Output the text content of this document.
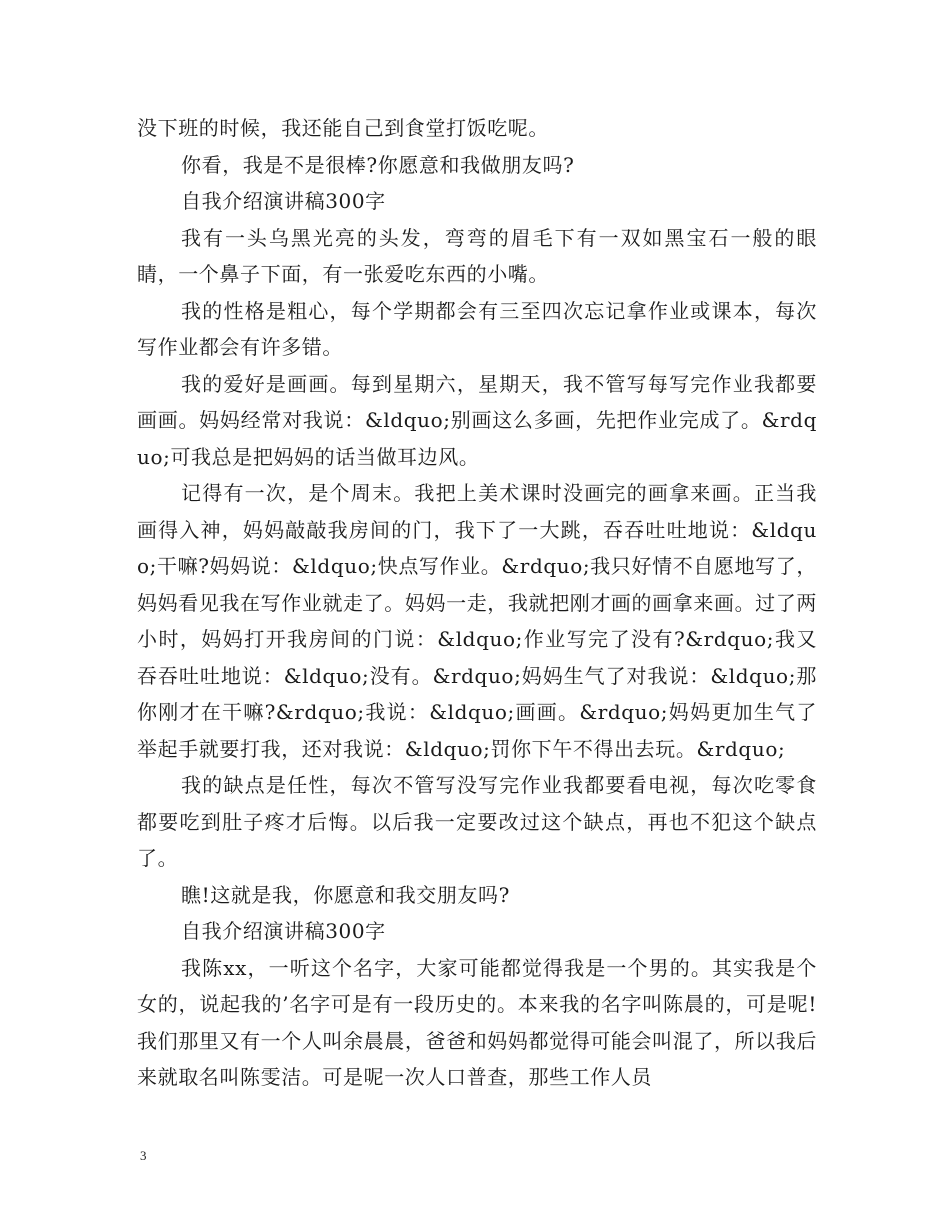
没下班的时候，我还能自己到食堂打饭吃呢。

你看，我是不是很棒?你愿意和我做朋友吗?

自我介绍演讲稿300字

我有一头乌黑光亮的头发，弯弯的眉毛下有一双如黑宝石一般的眼睛，一个鼻子下面，有一张爱吃东西的小嘴。

我的性格是粗心，每个学期都会有三至四次忘记拿作业或课本，每次写作业都会有许多错。

我的爱好是画画。每到星期六，星期天，我不管写每写完作业我都要画画。妈妈经常对我说：&ldquo;别画这么多画，先把作业完成了。&rdquo;可我总是把妈妈的话当做耳边风。

记得有一次，是个周末。我把上美术课时没画完的画拿来画。正当我画得入神，妈妈敲敲我房间的门，我下了一大跳，吞吞吐吐地说：&ldquo;干嘛?妈妈说：&ldquo;快点写作业。&rdquo;我只好情不自愿地写了，妈妈看见我在写作业就走了。妈妈一走，我就把刚才画的画拿来画。过了两小时，妈妈打开我房间的门说：&ldquo;作业写完了没有?&rdquo;我又吞吞吐吐地说：&ldquo;没有。&rdquo;妈妈生气了对我说：&ldquo;那你刚才在干嘛?&rdquo;我说：&ldquo;画画。&rdquo;妈妈更加生气了举起手就要打我，还对我说：&ldquo;罚你下午不得出去玩。&rdquo;

我的缺点是任性，每次不管写没写完作业我都要看电视，每次吃零食都要吃到肚子疼才后悔。以后我一定要改过这个缺点，再也不犯这个缺点了。

瞧!这就是我，你愿意和我交朋友吗?

自我介绍演讲稿300字

我陈xx，一听这个名字，大家可能都觉得我是一个男的。其实我是个女的，说起我的’名字可是有一段历史的。本来我的名字叫陈晨的，可是呢!我们那里又有一个人叫余晨晨，爸爸和妈妈都觉得可能会叫混了，所以我后来就取名叫陈雯洁。可是呢一次人口普查，那些工作人员

3
